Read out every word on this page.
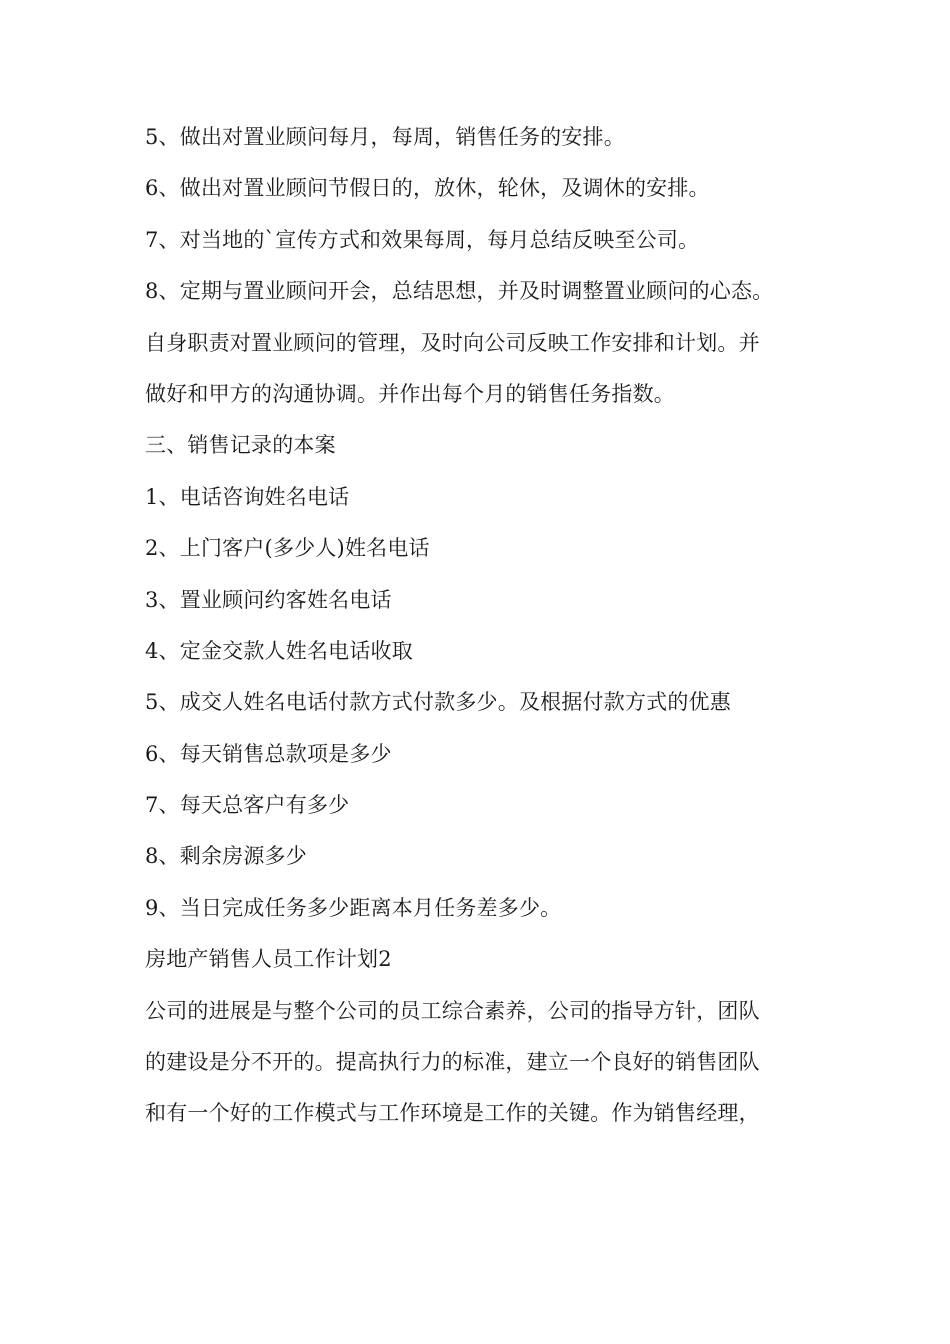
5、做出对置业顾问每月，每周，销售任务的安排。
6、做出对置业顾问节假日的，放休，轮休，及调休的安排。
7、对当地的`宣传方式和效果每周，每月总结反映至公司。
8、定期与置业顾问开会，总结思想，并及时调整置业顾问的心态。
自身职责对置业顾问的管理，及时向公司反映工作安排和计划。并
做好和甲方的沟通协调。并作出每个月的销售任务指数。
三、销售记录的本案
1、电话咨询姓名电话
2、上门客户(多少人)姓名电话
3、置业顾问约客姓名电话
4、定金交款人姓名电话收取
5、成交人姓名电话付款方式付款多少。及根据付款方式的优惠
6、每天销售总款项是多少
7、每天总客户有多少
8、剩余房源多少
9、当日完成任务多少距离本月任务差多少。
房地产销售人员工作计划2
公司的进展是与整个公司的员工综合素养，公司的指导方针，团队
的建设是分不开的。提高执行力的标准，建立一个良好的销售团队
和有一个好的工作模式与工作环境是工作的关键。作为销售经理，
